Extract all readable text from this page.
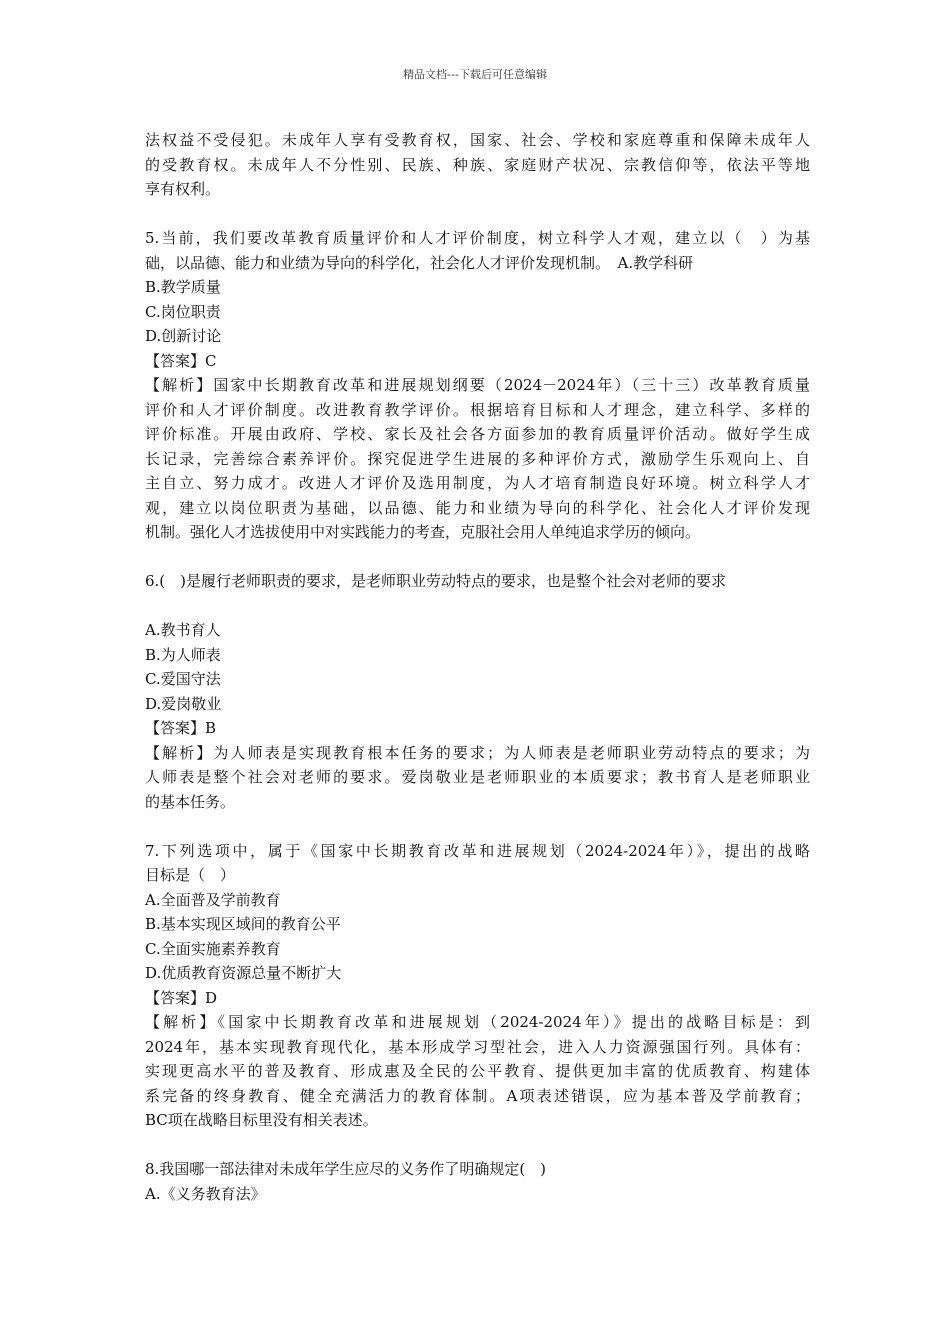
精品文档---下载后可任意编辑
法权益不受侵犯。未成年人享有受教育权，国家、社会、学校和家庭尊重和保障未成年人
的受教育权。未成年人不分性别、民族、种族、家庭财产状况、宗教信仰等，依法平等地
享有权利。
5.当前，我们要改革教育质量评价和人才评价制度，树立科学人才观，建立以（　）为基
础，以品德、能力和业绩为导向的科学化，社会化人才评价发现机制。　A.教学科研
B.教学质量
C.岗位职责
D.创新讨论
【答案】C
【解析】国家中长期教育改革和进展规划纲要（2024－2024年）（三十三）改革教育质量
评价和人才评价制度。改进教育教学评价。根据培育目标和人才理念，建立科学、多样的
评价标准。开展由政府、学校、家长及社会各方面参加的教育质量评价活动。做好学生成
长记录，完善综合素养评价。探究促进学生进展的多种评价方式，激励学生乐观向上、自
主自立、努力成才。改进人才评价及选用制度，为人才培育制造良好环境。树立科学人才
观，建立以岗位职责为基础，以品德、能力和业绩为导向的科学化、社会化人才评价发现
机制。强化人才选拔使用中对实践能力的考查，克服社会用人单纯追求学历的倾向。
6.(　)是履行老师职责的要求，是老师职业劳动特点的要求，也是整个社会对老师的要求
A.教书育人
B.为人师表
C.爱国守法
D.爱岗敬业
【答案】B
【解析】为人师表是实现教育根本任务的要求；为人师表是老师职业劳动特点的要求；为
人师表是整个社会对老师的要求。爱岗敬业是老师职业的本质要求；教书育人是老师职业
的基本任务。
7.下列选项中，属于《国家中长期教育改革和进展规划（2024-2024年）》，提出的战略
目标是（　）
A.全面普及学前教育
B.基本实现区域间的教育公平
C.全面实施素养教育
D.优质教育资源总量不断扩大
【答案】D
【解析】《国家中长期教育改革和进展规划（2024-2024年）》提出的战略目标是：到
2024年，基本实现教育现代化，基本形成学习型社会，进入人力资源强国行列。具体有：
实现更高水平的普及教育、形成惠及全民的公平教育、提供更加丰富的优质教育、构建体
系完备的终身教育、健全充满活力的教育体制。A项表述错误，应为基本普及学前教育；
BC项在战略目标里没有相关表述。
8.我国哪一部法律对未成年学生应尽的义务作了明确规定(　)
A.《义务教育法》
